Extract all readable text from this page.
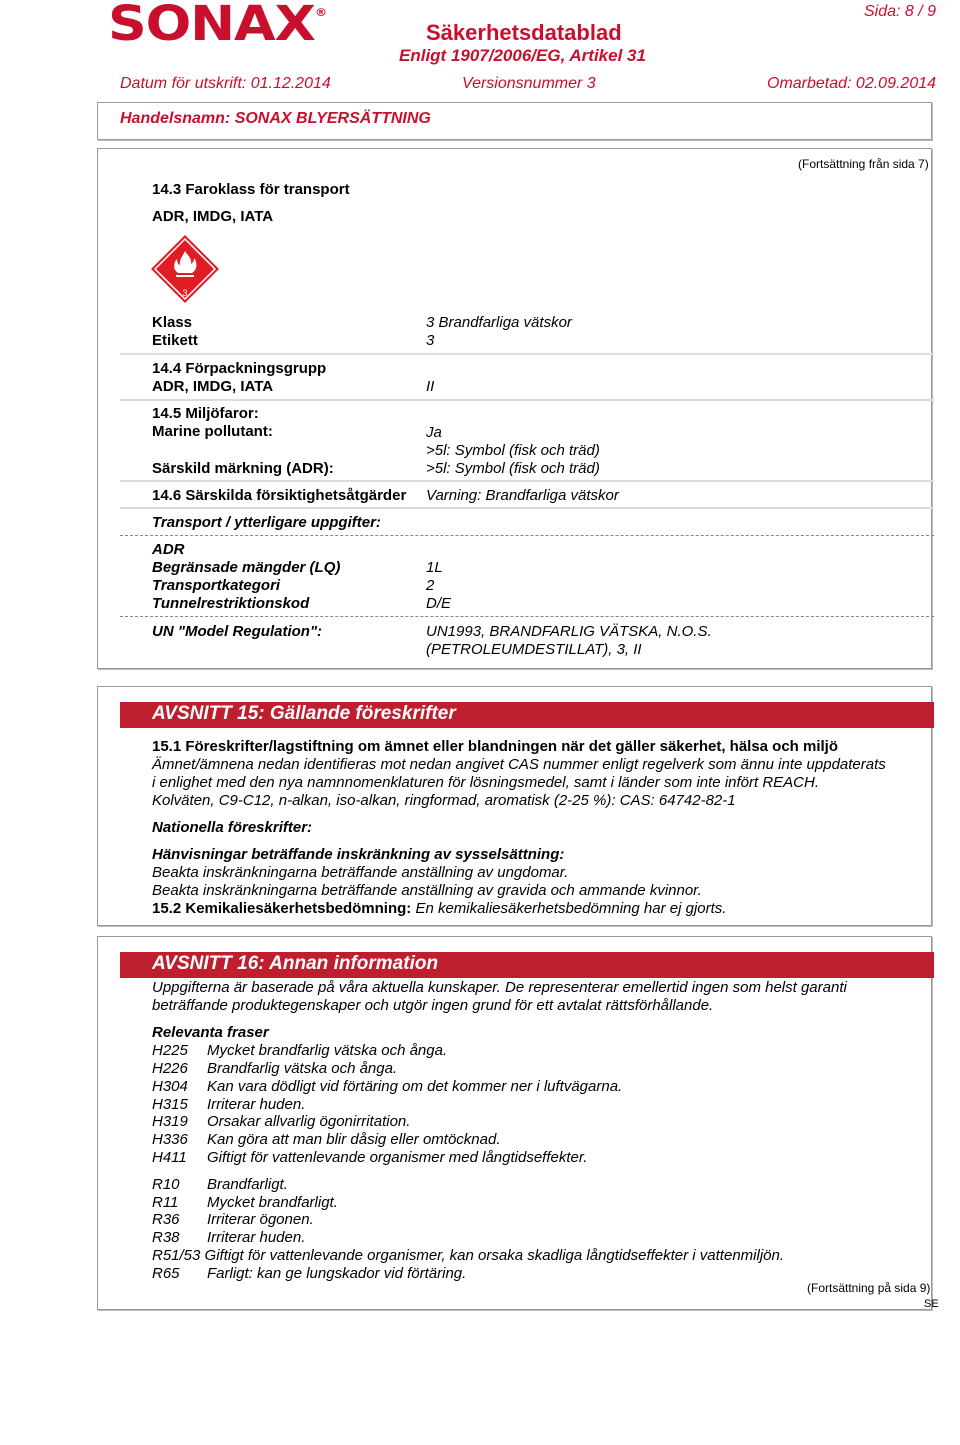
SONAX®
Säkerhetsdatablad
Enligt 1907/2006/EG, Artikel 31
Sida: 8 / 9
Datum för utskrift: 01.12.2014	Versionsnummer 3	Omarbetad: 02.09.2014
Handelsnamn: SONAX BLYERSÄTTNING
(Fortsättning från sida 7)
14.3 Faroklass för transport
ADR, IMDG, IATA
3
Klass	3 Brandfarliga vätskor
Etikett	3
14.4 Förpackningsgrupp
ADR, IMDG, IATA	II
14.5 Miljöfaror:
Marine pollutant:	Ja
>5l: Symbol (fisk och träd)
Särskild märkning (ADR):	>5l: Symbol (fisk och träd)
14.6 Särskilda försiktighetsåtgärder Varning: Brandfarliga vätskor
Transport / ytterligare uppgifter:
ADR
Begränsade mängder (LQ)	1L
Transportkategori	2
Tunnelrestriktionskod	D/E
UN "Model Regulation":	UN1993, BRANDFARLIG VÄTSKA, N.O.S.
(PETROLEUMDESTILLAT), 3, II
AVSNITT 15: Gällande föreskrifter
15.1 Föreskrifter/lagstiftning om ämnet eller blandningen när det gäller säkerhet, hälsa och miljö
Ämnet/ämnena nedan identifieras mot nedan angivet CAS nummer enligt regelverk som ännu inte uppdaterats
i enlighet med den nya namnnomenklaturen för lösningsmedel, samt i länder som inte infört REACH.
Kolväten, C9-C12, n-alkan, iso-alkan, ringformad, aromatisk (2-25 %): CAS: 64742-82-1
Nationella föreskrifter:
Hänvisningar beträffande inskränkning av sysselsättning:
Beakta inskränkningarna beträffande anställning av ungdomar.
Beakta inskränkningarna beträffande anställning av gravida och ammande kvinnor.
15.2 Kemikaliesäkerhetsbedömning: En kemikaliesäkerhetsbedömning har ej gjorts.
AVSNITT 16: Annan information
Uppgifterna är baserade på våra aktuella kunskaper. De representerar emellertid ingen som helst garanti
beträffande produktegenskaper och utgör ingen grund för ett avtalat rättsförhållande.
Relevanta fraser
H225 Mycket brandfarlig vätska och ånga.
H226 Brandfarlig vätska och ånga.
H304 Kan vara dödligt vid förtäring om det kommer ner i luftvägarna.
H315 Irriterar huden.
H319 Orsakar allvarlig ögonirritation.
H336 Kan göra att man blir dåsig eller omtöcknad.
H411 Giftigt för vattenlevande organismer med långtidseffekter.
R10 Brandfarligt.
R11 Mycket brandfarligt.
R36 Irriterar ögonen.
R38 Irriterar huden.
R51/53 Giftigt för vattenlevande organismer, kan orsaka skadliga långtidseffekter i vattenmiljön.
R65 Farligt: kan ge lungskador vid förtäring.
(Fortsättning på sida 9)
SE
